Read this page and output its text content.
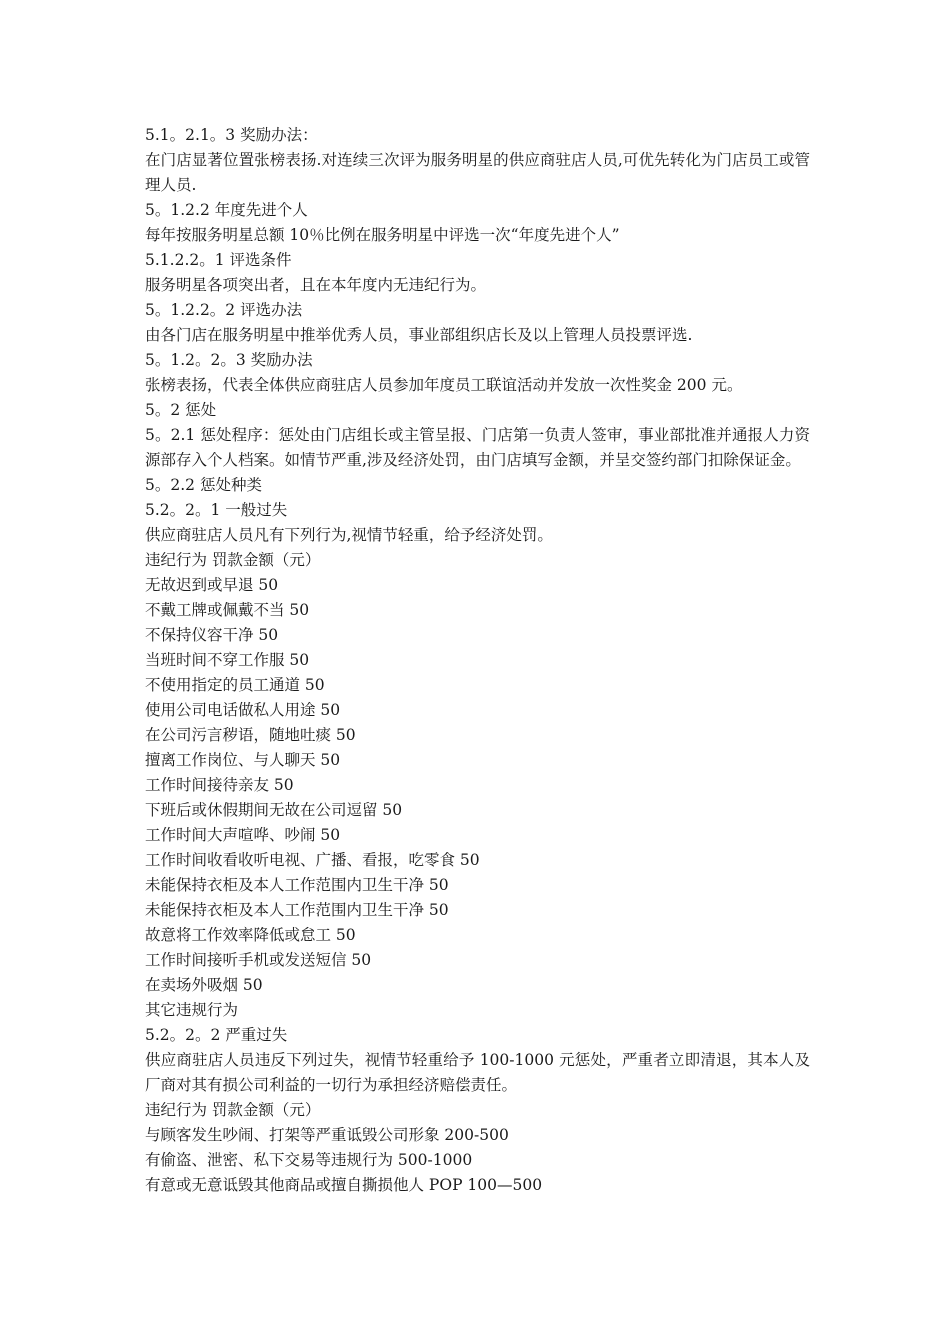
5.1。2.1。3 奖励办法：
在门店显著位置张榜表扬.对连续三次评为服务明星的供应商驻店人员,可优先转化为门店员工或管理人员.
5。1.2.2 年度先进个人
每年按服务明星总额 10％比例在服务明星中评选一次“年度先进个人”
5.1.2.2。1 评选条件
服务明星各项突出者，且在本年度内无违纪行为。
5。1.2.2。2 评选办法
由各门店在服务明星中推举优秀人员，事业部组织店长及以上管理人员投票评选.
5。1.2。2。3 奖励办法
张榜表扬，代表全体供应商驻店人员参加年度员工联谊活动并发放一次性奖金 200 元。
5。2 惩处
5。2.1 惩处程序：惩处由门店组长或主管呈报、门店第一负责人签审，事业部批准并通报人力资源部存入个人档案。如情节严重,涉及经济处罚，由门店填写金额，并呈交签约部门扣除保证金。
5。2.2 惩处种类
5.2。2。1 一般过失
供应商驻店人员凡有下列行为,视情节轻重，给予经济处罚。
违纪行为 罚款金额（元）
无故迟到或早退 50
不戴工牌或佩戴不当 50
不保持仪容干净 50
当班时间不穿工作服 50
不使用指定的员工通道 50
使用公司电话做私人用途 50
在公司污言秽语，随地吐痰 50
擅离工作岗位、与人聊天 50
工作时间接待亲友 50
下班后或休假期间无故在公司逗留 50
工作时间大声喧哗、吵闹 50
工作时间收看收听电视、广播、看报，吃零食 50
未能保持衣柜及本人工作范围内卫生干净 50
未能保持衣柜及本人工作范围内卫生干净 50
故意将工作效率降低或怠工 50
工作时间接听手机或发送短信 50
在卖场外吸烟 50
其它违规行为
5.2。2。2 严重过失
供应商驻店人员违反下列过失，视情节轻重给予 100-1000 元惩处，严重者立即清退，其本人及厂商对其有损公司利益的一切行为承担经济赔偿责任。
违纪行为 罚款金额（元）
与顾客发生吵闹、打架等严重诋毁公司形象 200-500
有偷盗、泄密、私下交易等违规行为 500-1000
有意或无意诋毁其他商品或擅自撕损他人 POP 100—500
